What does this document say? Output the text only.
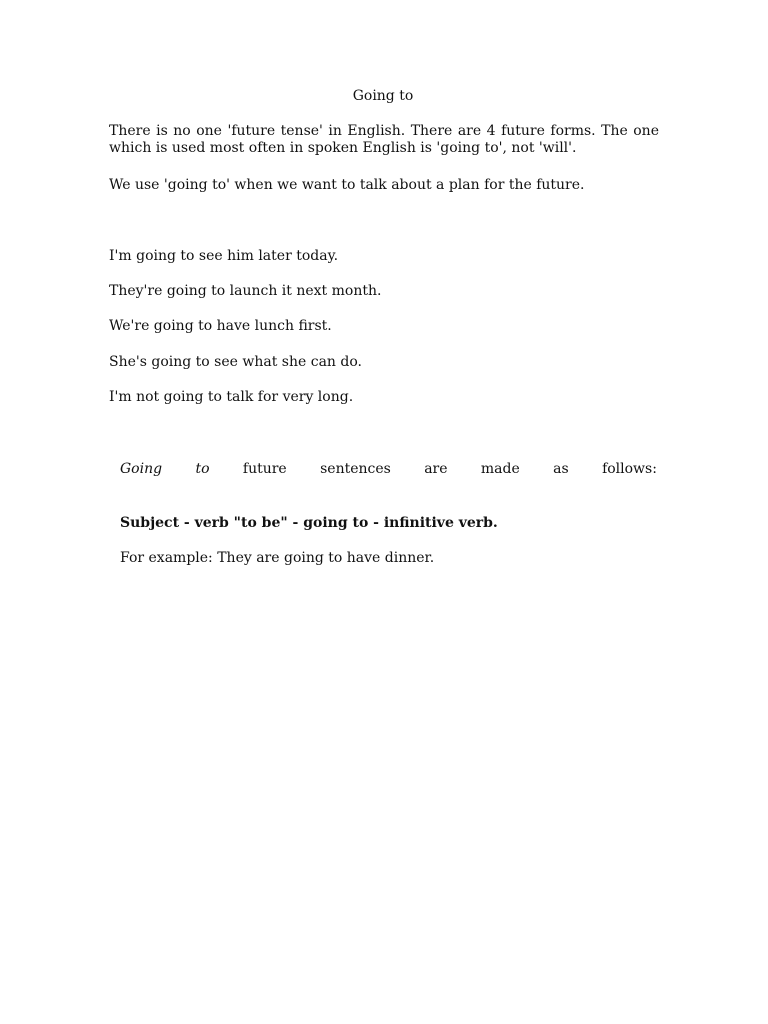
Going to
There is no one 'future tense' in English. There are 4 future forms. The one which is used most often in spoken English is 'going to', not 'will'.
We use 'going to' when we want to talk about a plan for the future.
I'm going to see him later today.
They're going to launch it next month.
We're going to have lunch first.
She's going to see what she can do.
I'm not going to talk for very long.
Going to future sentences are made as follows:
Subject - verb "to be" - going to - infinitive verb.
For example: They are going to have dinner.
